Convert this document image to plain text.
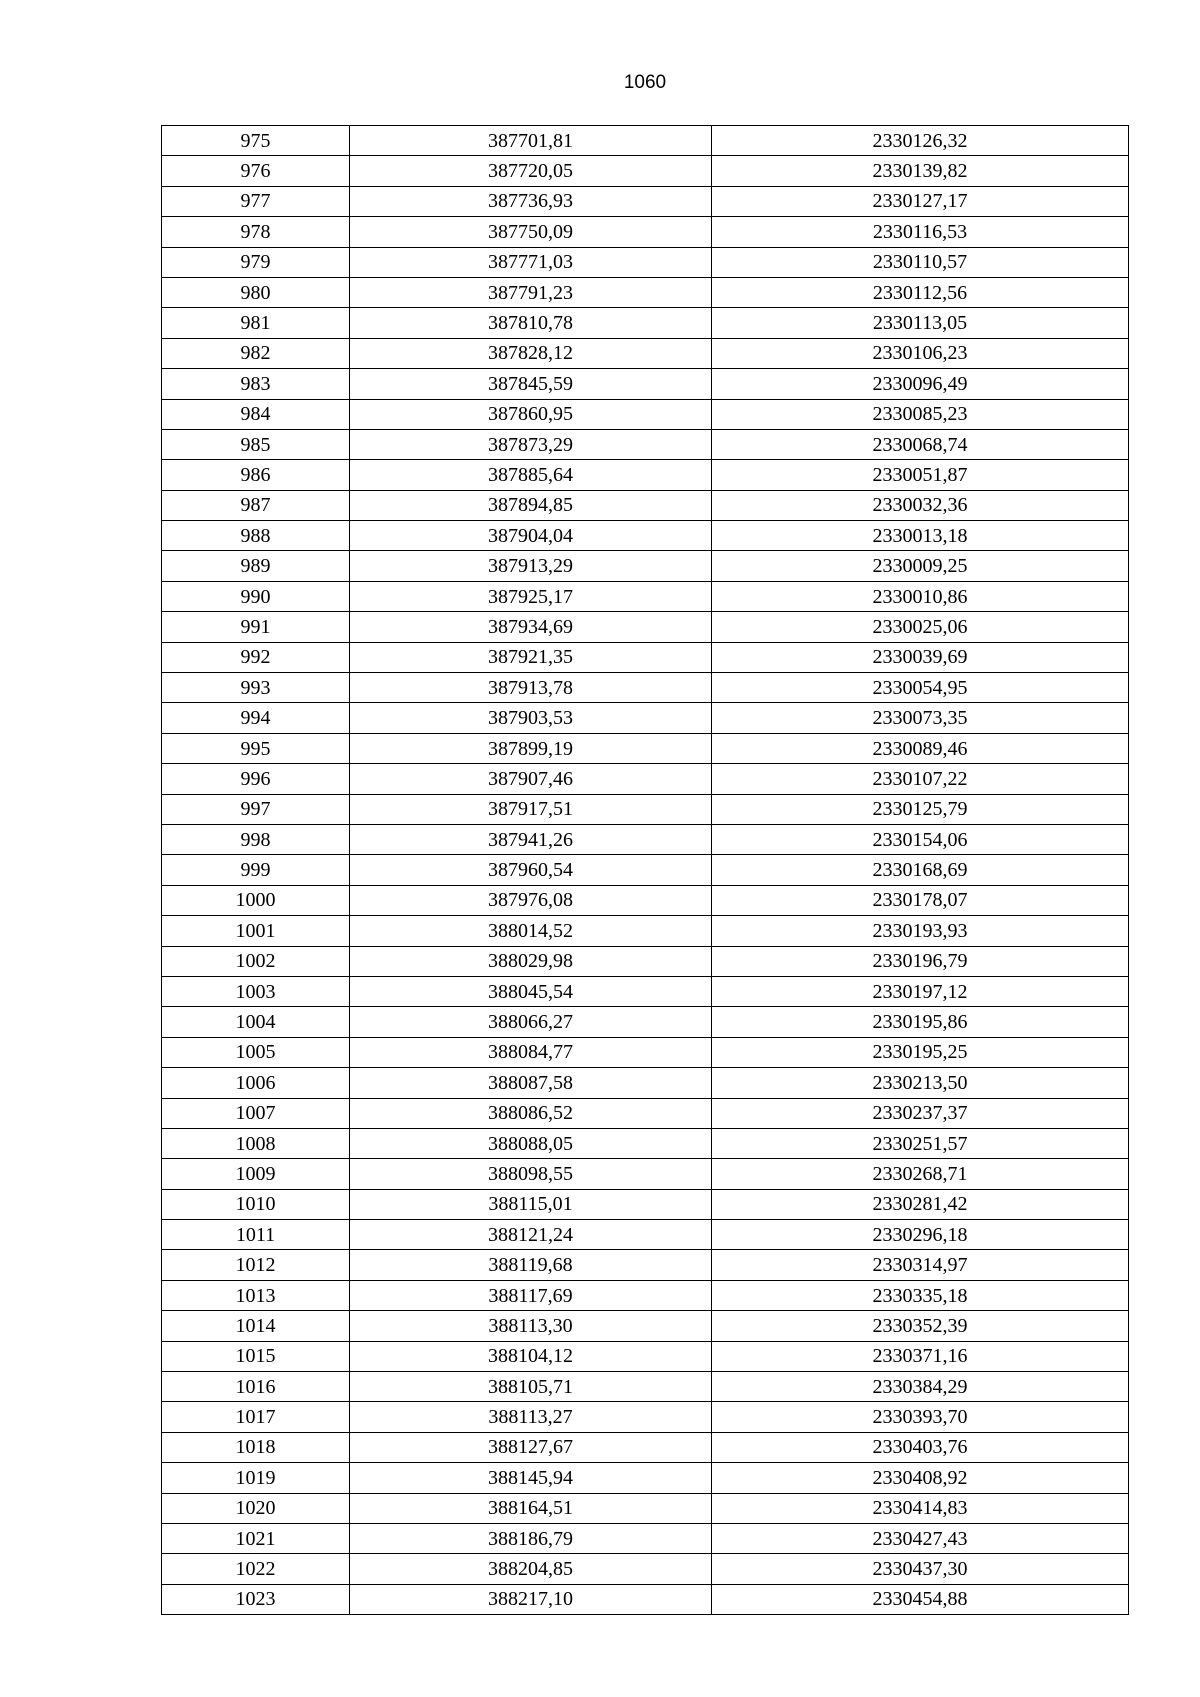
1060
975	387701,81	2330126,32
976	387720,05	2330139,82
977	387736,93	2330127,17
978	387750,09	2330116,53
979	387771,03	2330110,57
980	387791,23	2330112,56
981	387810,78	2330113,05
982	387828,12	2330106,23
983	387845,59	2330096,49
984	387860,95	2330085,23
985	387873,29	2330068,74
986	387885,64	2330051,87
987	387894,85	2330032,36
988	387904,04	2330013,18
989	387913,29	2330009,25
990	387925,17	2330010,86
991	387934,69	2330025,06
992	387921,35	2330039,69
993	387913,78	2330054,95
994	387903,53	2330073,35
995	387899,19	2330089,46
996	387907,46	2330107,22
997	387917,51	2330125,79
998	387941,26	2330154,06
999	387960,54	2330168,69
1000	387976,08	2330178,07
1001	388014,52	2330193,93
1002	388029,98	2330196,79
1003	388045,54	2330197,12
1004	388066,27	2330195,86
1005	388084,77	2330195,25
1006	388087,58	2330213,50
1007	388086,52	2330237,37
1008	388088,05	2330251,57
1009	388098,55	2330268,71
1010	388115,01	2330281,42
1011	388121,24	2330296,18
1012	388119,68	2330314,97
1013	388117,69	2330335,18
1014	388113,30	2330352,39
1015	388104,12	2330371,16
1016	388105,71	2330384,29
1017	388113,27	2330393,70
1018	388127,67	2330403,76
1019	388145,94	2330408,92
1020	388164,51	2330414,83
1021	388186,79	2330427,43
1022	388204,85	2330437,30
1023	388217,10	2330454,88
